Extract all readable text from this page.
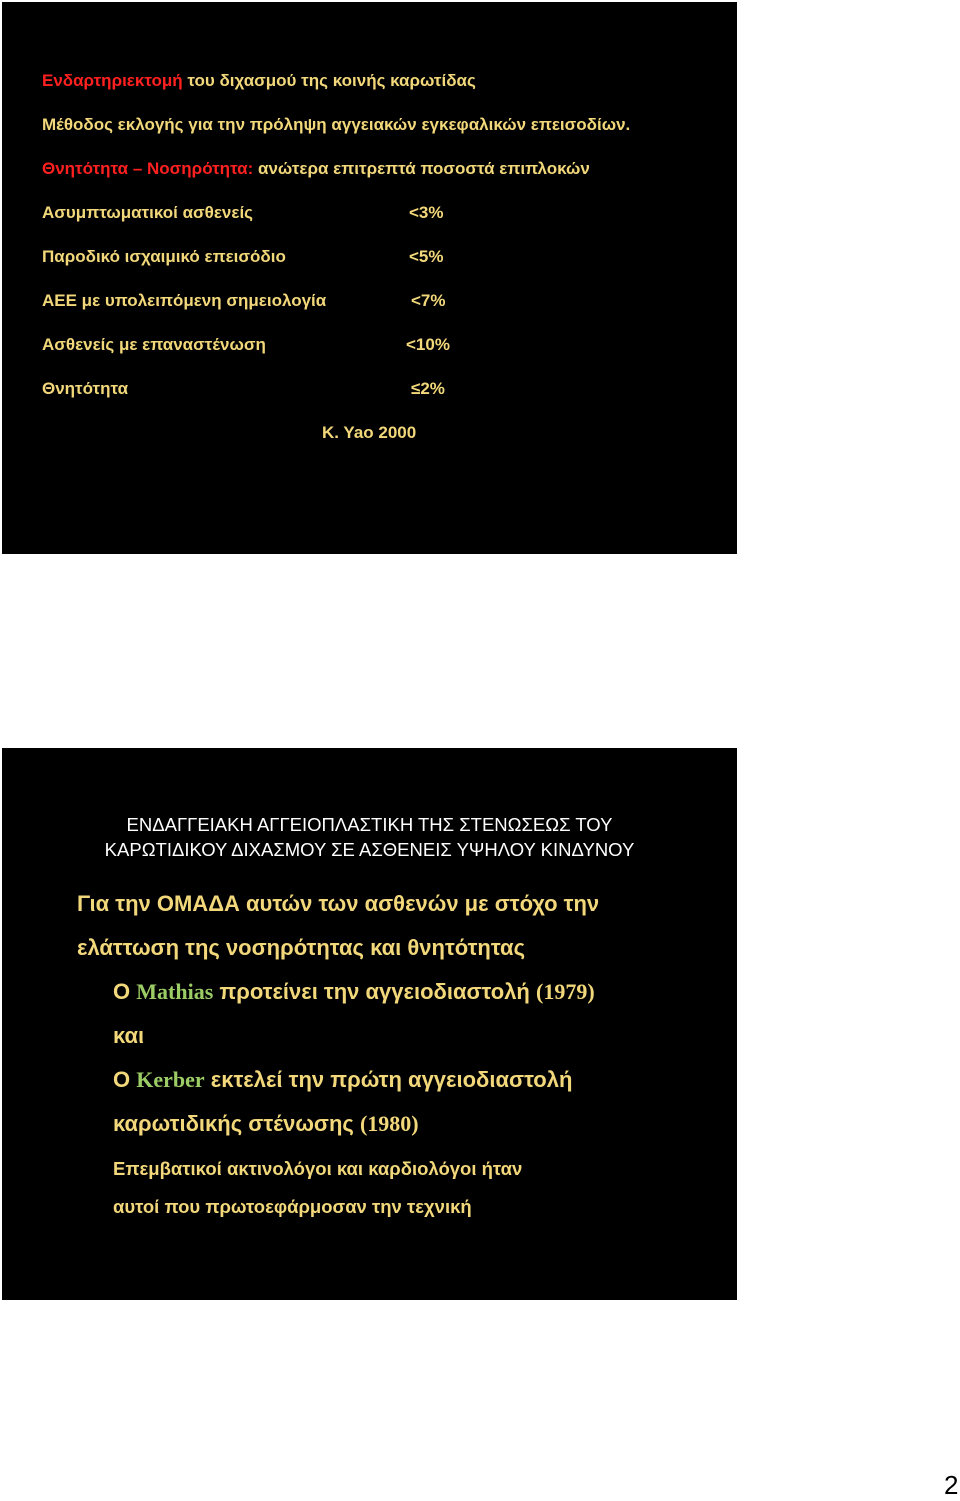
Ενδαρτηριεκτομή του διχασμού της κοινής καρωτίδας
Μέθοδος εκλογής για την πρόληψη αγγειακών εγκεφαλικών επεισοδίων.
Θνητότητα – Νοσηρότητα: ανώτερα επιτρεπτά ποσοστά επιπλοκών
Ασυμπτωματικοί ασθενείς	<3%
Παροδικό ισχαιμικό επεισόδιο	<5%
ΑΕΕ με υπολειπόμενη σημειολογία	<7%
Ασθενείς με επαναστένωση	<10%
Θνητότητα	≤2%
K. Yao 2000
ΕΝΔΑΓΓΕΙΑΚΗ ΑΓΓΕΙΟΠΛΑΣΤΙΚΗ ΤΗΣ ΣΤΕΝΩΣΕΩΣ ΤΟΥ
ΚΑΡΩΤΙΔΙΚΟΥ ΔΙΧΑΣΜΟΥ ΣΕ ΑΣΘΕΝΕΙΣ ΥΨΗΛΟΥ ΚΙΝΔΥΝΟΥ
Για την ΟΜΑΔΑ αυτών των ασθενών με στόχο την
ελάττωση της νοσηρότητας και θνητότητας
Ο Mathias προτείνει την αγγειοδιαστολή (1979)
και
Ο Kerber εκτελεί την πρώτη αγγειοδιαστολή
καρωτιδικής στένωσης (1980)
Επεμβατικοί ακτινολόγοι και καρδιολόγοι ήταν
αυτοί που πρωτοεφάρμοσαν την τεχνική
2
